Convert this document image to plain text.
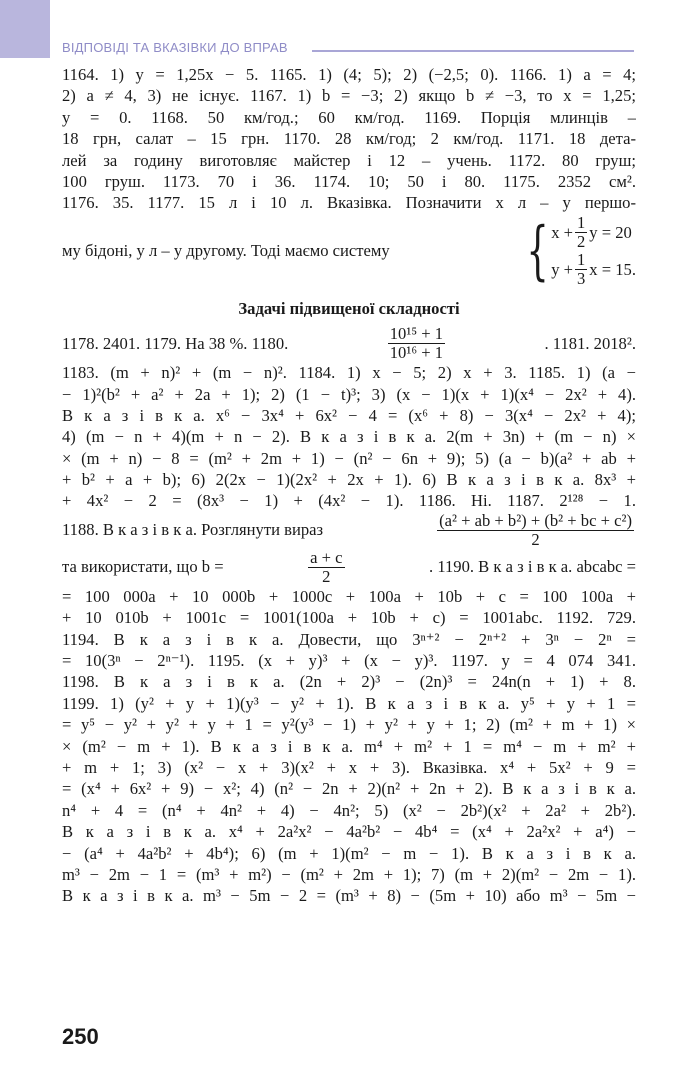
ВІДПОВІДІ ТА ВКАЗІВКИ ДО ВПРАВ
1164. 1) y = 1,25x − 5. 1165. 1) (4; 5); 2) (−2,5; 0). 1166. 1) a = 4;
2) a ≠ 4, 3) не існує. 1167. 1) b = −3; 2) якщо b ≠ −3, то x = 1,25;
y = 0. 1168. 50 км/год.; 60 км/год. 1169. Порція млинців –
18 грн, салат – 15 грн. 1170. 28 км/год; 2 км/год. 1171. 18 дета-
лей за годину виготовляє майстер і 12 – учень. 1172. 80 груш;
100 груш. 1173. 70 і 36. 1174. 10; 50 і 80. 1175. 2352 см².
1176. 35. 1177. 15 л і 10 л. Вказівка. Позначити x л – у першо-
му бідоні, y л – у другому. Тоді маємо систему { $x + \frac{1}{2}$ y = 20
$y + \frac{1}{3}$ x = 15.
Задачі підвищеної складності
1178. 2401. 1179. На 38 %. 1180.	$\frac{\text{10¹⁵ + 1}}{\text{10¹⁶ + 1}}$	. 1181. 2018².
1183. (m + n)² + (m − n)². 1184. 1) x − 5; 2) x + 3. 1185. 1) (a −
− 1)²(b² + a² + 2a + 1); 2) (1 − t)³; 3) (x − 1)(x + 1)(x⁴ − 2x² + 4).
В к а з і в к а. x⁶ − 3x⁴ + 6x² − 4 = (x⁶ + 8) − 3(x⁴ − 2x² + 4);
4) (m − n + 4)(m + n − 2). В к а з і в к а. 2(m + 3n) + (m − n) ×
× (m + n) − 8 = (m² + 2m + 1) − (n² − 6n + 9); 5) (a − b)(a² + ab +
+ b² + a + b); 6) 2(2x − 1)(2x² + 2x + 1). 6) В к а з і в к а. 8x³ +
+ 4x² − 2 = (8x³ − 1) + (4x² − 1). 1186. Ні. 1187. 2¹²⁸ − 1.
1188. В к а з і в к а. Розглянути вираз	$\frac{\text{(a² + ab + b²) + (b² + bc + c²)}}{2}$
та використати, що b =	$\frac{a + c}{2}$	. 1190. В к а з і в к а. abcabc =
= 100 000a + 10 000b + 1000c + 100a + 10b + c = 100 100a +
+ 10 010b + 1001c = 1001(100a + 10b + c) = 1001abc. 1192. 729.
1194. В к а з і в к а. Довести, що 3ⁿ⁺² − 2ⁿ⁺² + 3ⁿ − 2ⁿ =
= 10(3ⁿ − 2ⁿ⁻¹). 1195. (x + y)³ + (x − y)³. 1197. y = 4 074 341.
1198. В к а з і в к а. (2n + 2)³ − (2n)³ = 24n(n + 1) + 8.
1199. 1) (y² + y + 1)(y³ − y² + 1). В к а з і в к а. y⁵ + y + 1 =
= y⁵ − y² + y² + y + 1 = y²(y³ − 1) + y² + y + 1; 2) (m² + m + 1) ×
× (m² − m + 1). В к а з і в к а. m⁴ + m² + 1 = m⁴ − m + m² +
+ m + 1; 3) (x² − x + 3)(x² + x + 3). Вказівка. x⁴ + 5x² + 9 =
= (x⁴ + 6x² + 9) − x²; 4) (n² − 2n + 2)(n² + 2n + 2). В к а з і в к а.
n⁴ + 4 = (n⁴ + 4n² + 4) − 4n²; 5) (x² − 2b²)(x² + 2a² + 2b²).
В к а з і в к а. x⁴ + 2a²x² − 4a²b² − 4b⁴ = (x⁴ + 2a²x² + a⁴) −
− (a⁴ + 4a²b² + 4b⁴); 6) (m + 1)(m² − m − 1). В к а з і в к а.
m³ − 2m − 1 = (m³ + m²) − (m² + 2m + 1); 7) (m + 2)(m² − 2m − 1).
В к а з і в к а. m³ − 5m − 2 = (m³ + 8) − (5m + 10) або m³ − 5m −
250
